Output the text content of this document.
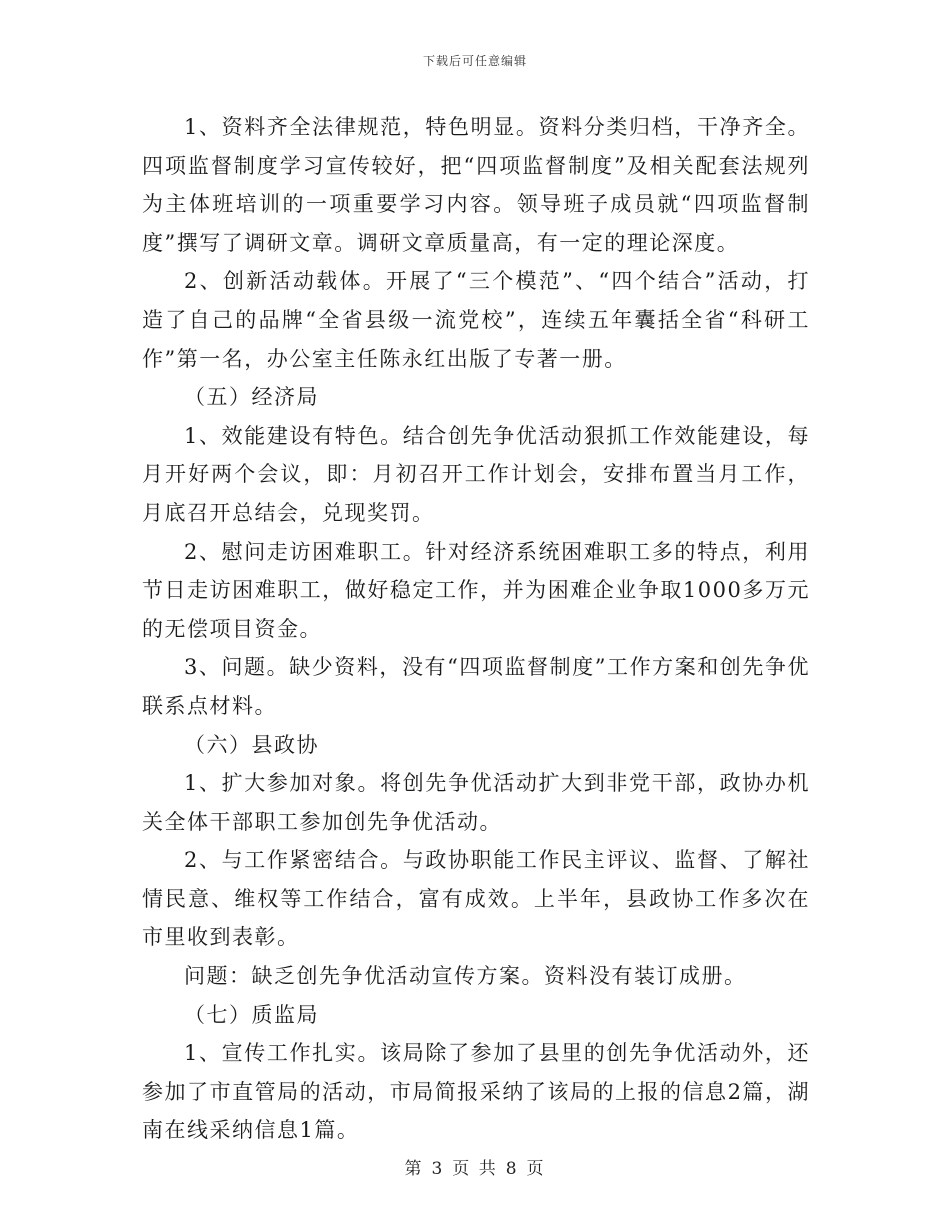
下载后可任意编辑

1、资料齐全法律规范，特色明显。资料分类归档，干净齐全。四项监督制度学习宣传较好，把“四项监督制度”及相关配套法规列为主体班培训的一项重要学习内容。领导班子成员就“四项监督制度”撰写了调研文章。调研文章质量高，有一定的理论深度。

2、创新活动载体。开展了“三个模范”、“四个结合”活动，打造了自己的品牌“全省县级一流党校”，连续五年囊括全省“科研工作”第一名，办公室主任陈永红出版了专著一册。

（五）经济局

1、效能建设有特色。结合创先争优活动狠抓工作效能建设，每月开好两个会议，即：月初召开工作计划会，安排布置当月工作，月底召开总结会，兑现奖罚。

2、慰问走访困难职工。针对经济系统困难职工多的特点，利用节日走访困难职工，做好稳定工作，并为困难企业争取1000多万元的无偿项目资金。

3、问题。缺少资料，没有“四项监督制度”工作方案和创先争优联系点材料。

（六）县政协

1、扩大参加对象。将创先争优活动扩大到非党干部，政协办机关全体干部职工参加创先争优活动。

2、与工作紧密结合。与政协职能工作民主评议、监督、了解社情民意、维权等工作结合，富有成效。上半年，县政协工作多次在市里收到表彰。

问题：缺乏创先争优活动宣传方案。资料没有装订成册。

（七）质监局

1、宣传工作扎实。该局除了参加了县里的创先争优活动外，还参加了市直管局的活动，市局简报采纳了该局的上报的信息2篇，湖南在线采纳信息1篇。

第 3 页 共 8 页
